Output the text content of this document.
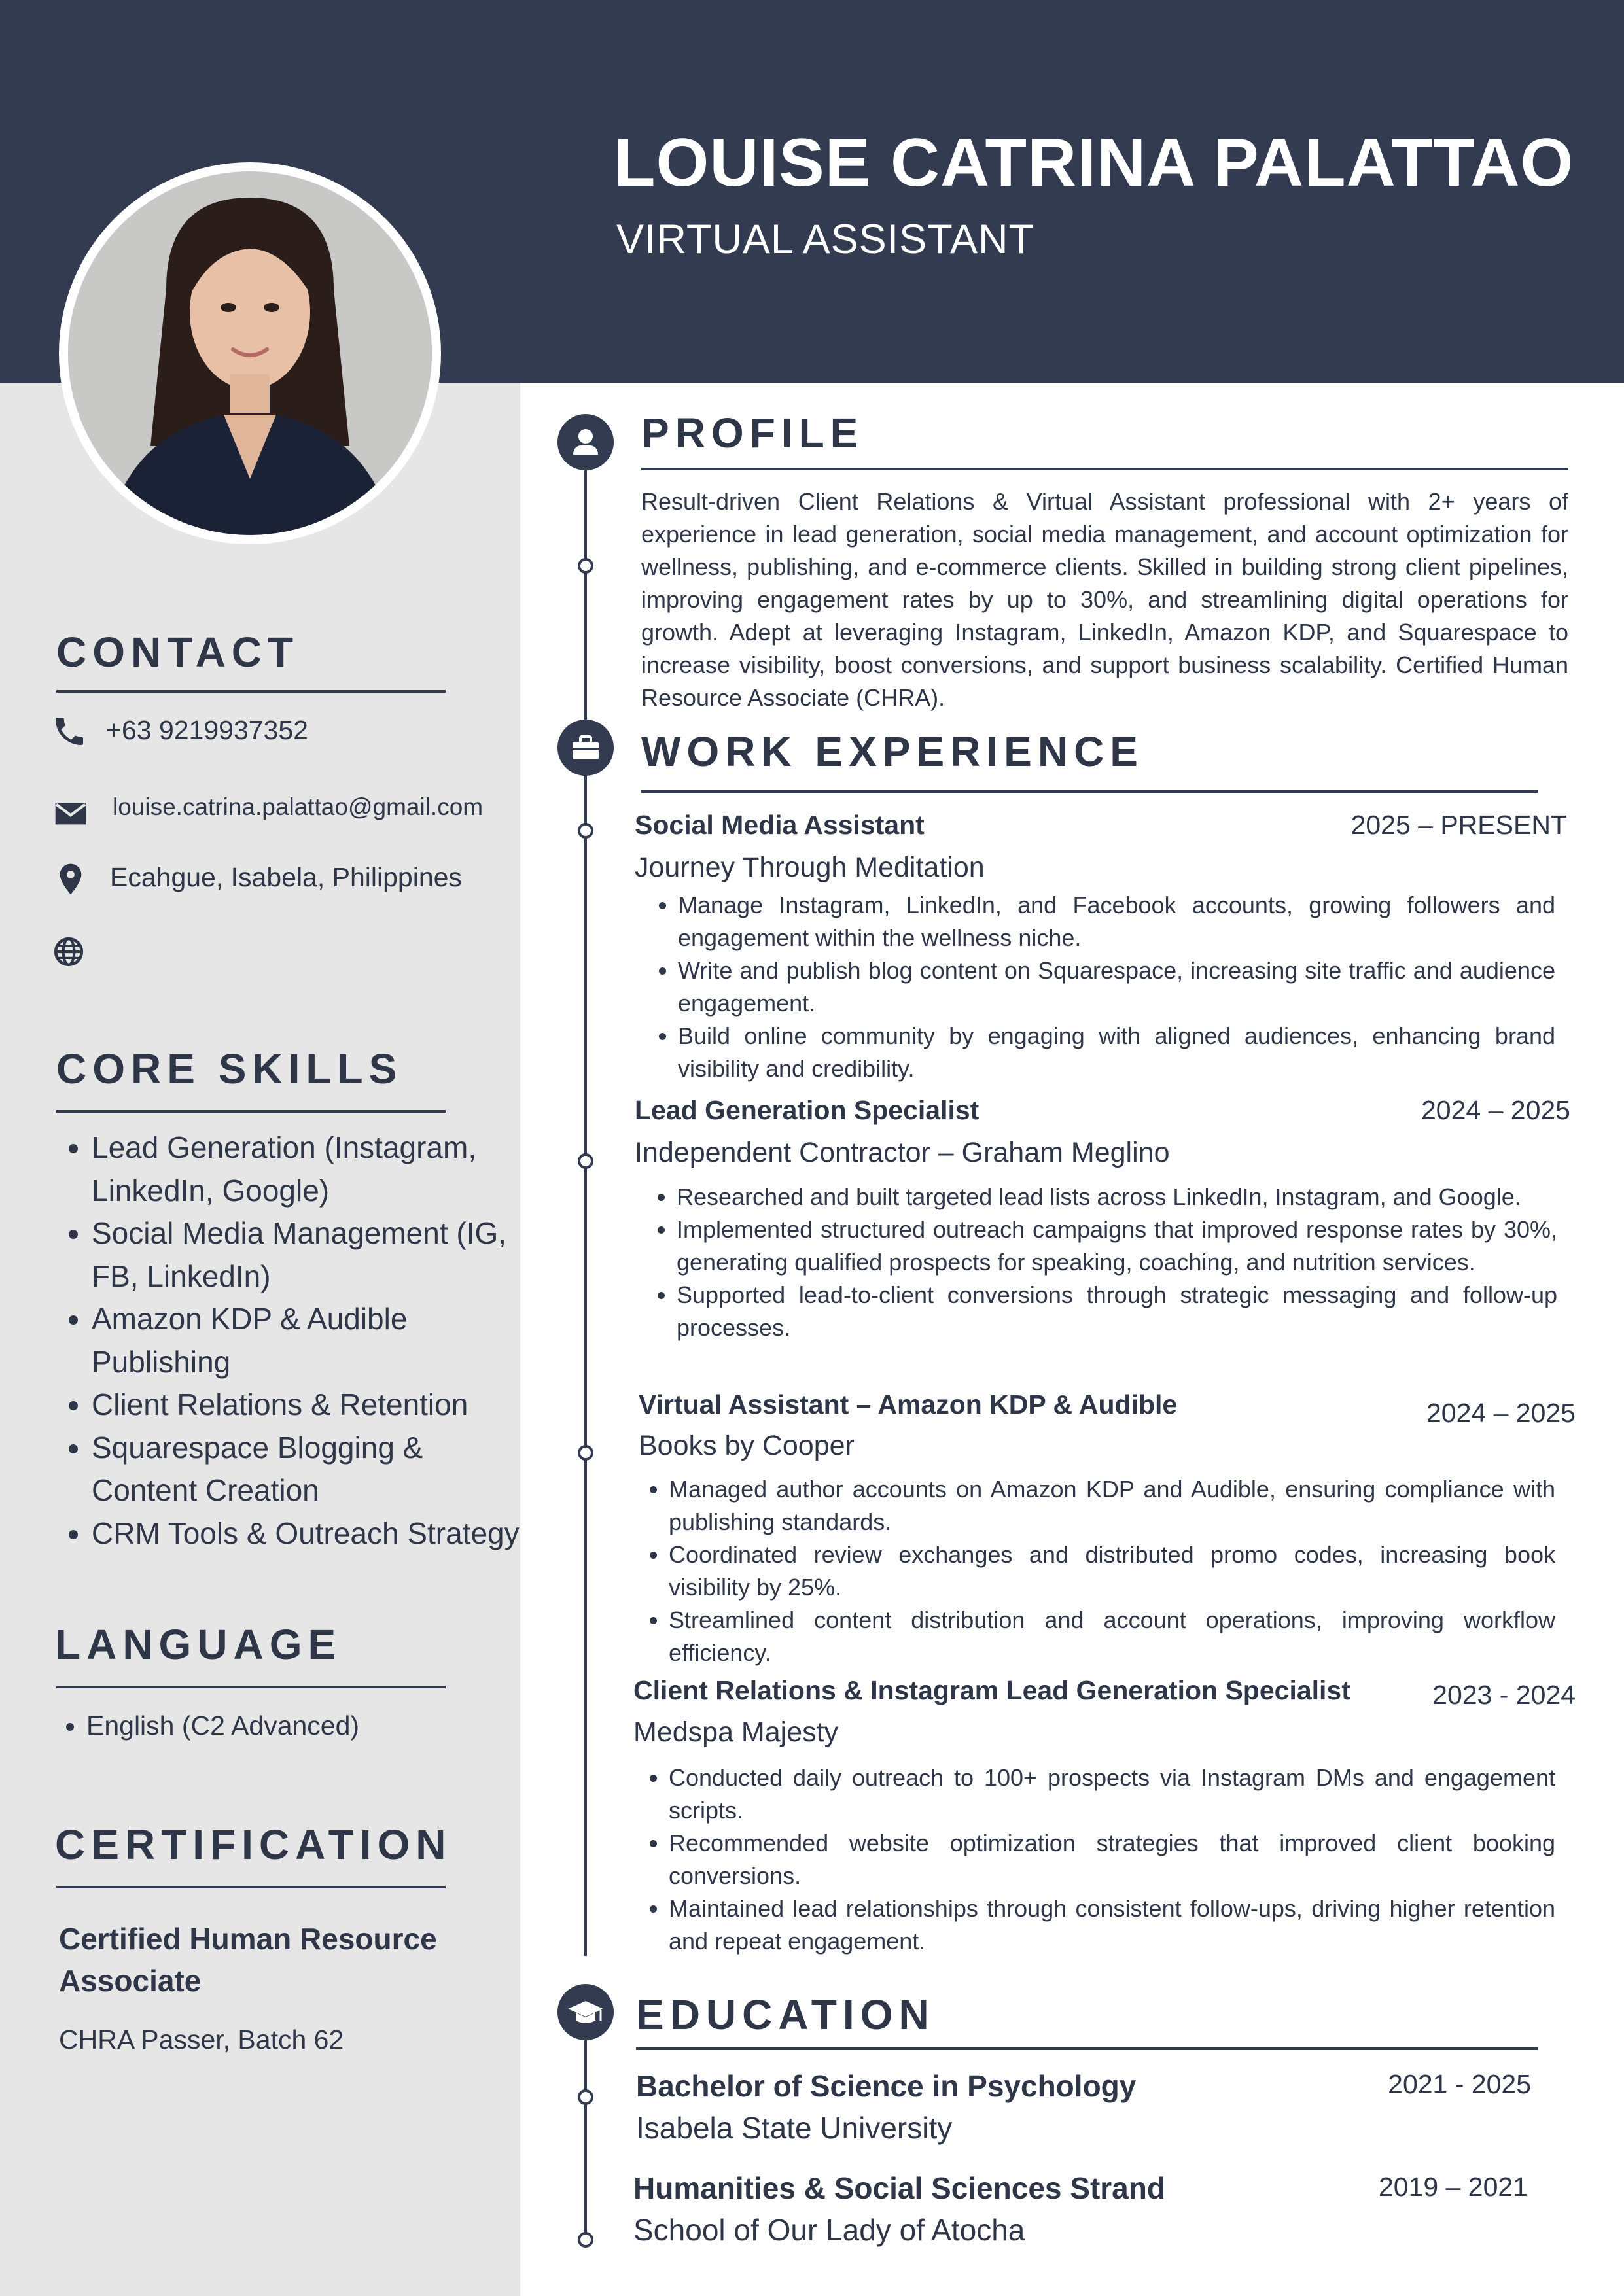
LOUISE CATRINA PALATTAO
VIRTUAL ASSISTANT
CONTACT
+63 9219937352
louise.catrina.palattao@gmail.com
Ecahgue, Isabela, Philippines
CORE SKILLS
• Lead Generation (Instagram, LinkedIn, Google)
• Social Media Management (IG, FB, LinkedIn)
• Amazon KDP & Audible Publishing
• Client Relations & Retention
• Squarespace Blogging & Content Creation
• CRM Tools & Outreach Strategy
LANGUAGE
• English (C2 Advanced)
CERTIFICATION
Certified Human Resource Associate
CHRA Passer, Batch 62
PROFILE
Result-driven Client Relations & Virtual Assistant professional with 2+ years of experience in lead generation, social media management, and account optimization for wellness, publishing, and e-commerce clients. Skilled in building strong client pipelines, improving engagement rates by up to 30%, and streamlining digital operations for growth. Adept at leveraging Instagram, LinkedIn, Amazon KDP, and Squarespace to increase visibility, boost conversions, and support business scalability. Certified Human Resource Associate (CHRA).
WORK EXPERIENCE
Social Media Assistant	2025 – PRESENT
Journey Through Meditation
• Manage Instagram, LinkedIn, and Facebook accounts, growing followers and engagement within the wellness niche.
• Write and publish blog content on Squarespace, increasing site traffic and audience engagement.
• Build online community by engaging with aligned audiences, enhancing brand visibility and credibility.
Lead Generation Specialist	2024 – 2025
Independent Contractor – Graham Meglino
• Researched and built targeted lead lists across LinkedIn, Instagram, and Google.
• Implemented structured outreach campaigns that improved response rates by 30%, generating qualified prospects for speaking, coaching, and nutrition services.
• Supported lead-to-client conversions through strategic messaging and follow-up processes.
Virtual Assistant – Amazon KDP & Audible	2024 – 2025
Books by Cooper
• Managed author accounts on Amazon KDP and Audible, ensuring compliance with publishing standards.
• Coordinated review exchanges and distributed promo codes, increasing book visibility by 25%.
• Streamlined content distribution and account operations, improving workflow efficiency.
Client Relations & Instagram Lead Generation Specialist	2023 - 2024
Medspa Majesty
• Conducted daily outreach to 100+ prospects via Instagram DMs and engagement scripts.
• Recommended website optimization strategies that improved client booking conversions.
• Maintained lead relationships through consistent follow-ups, driving higher retention and repeat engagement.
EDUCATION
Bachelor of Science in Psychology	2021 - 2025
Isabela State University
Humanities & Social Sciences Strand	2019 – 2021
School of Our Lady of Atocha
